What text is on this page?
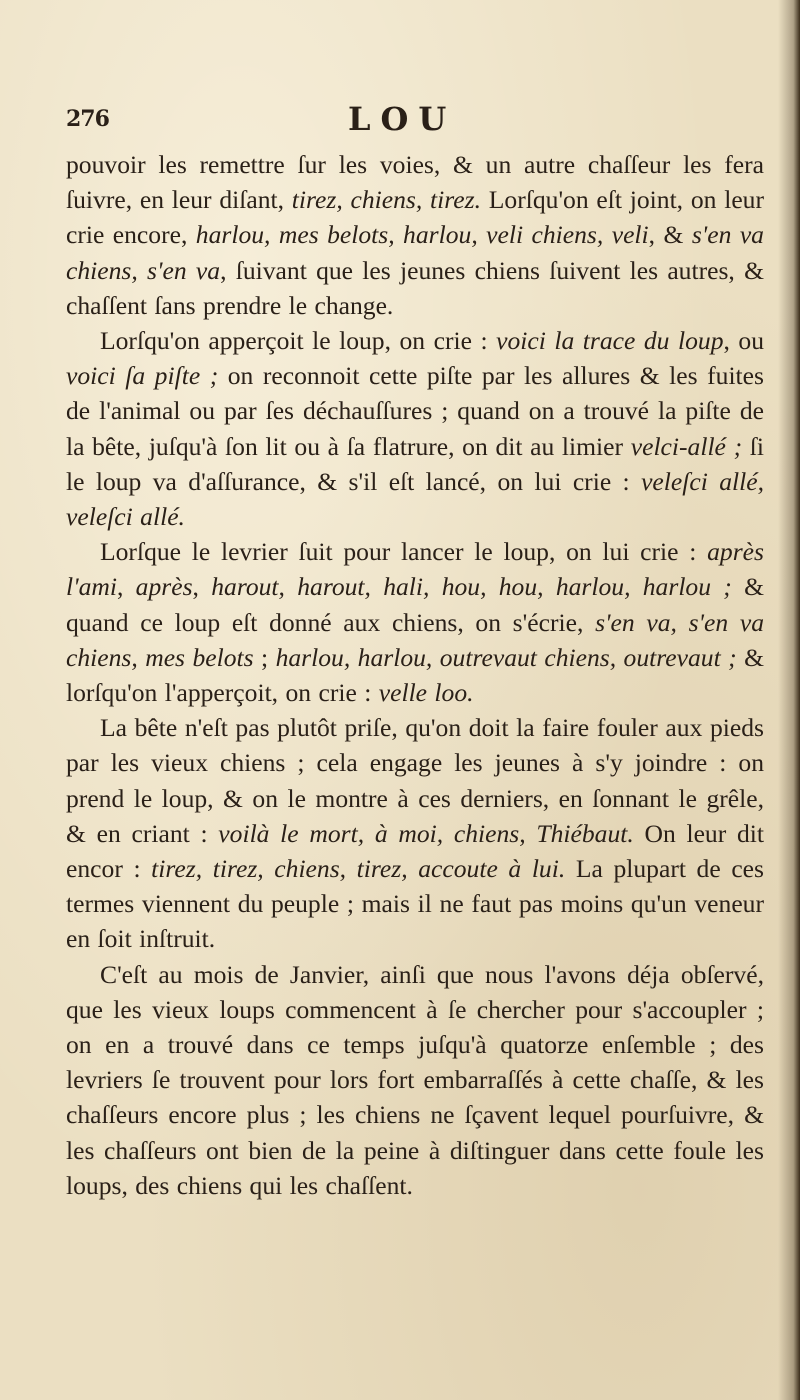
276	LOU

pouvoir les remettre ſur les voies, & un autre chaſſeur les fera ſuivre, en leur diſant, tirez, chiens, tirez. Lorſqu'on eſt joint, on leur crie encore, harlou, mes belots, harlou, veli chiens, veli, & s'en va chiens, s'en va, ſuivant que les jeunes chiens ſuivent les autres, & chaſſent ſans prendre le change.

Lorſqu'on apperçoit le loup, on crie : voici la trace du loup, ou voici ſa piſte ; on reconnoit cette piſte par les allures & les fuites de l'animal ou par ſes déchauſſures ; quand on a trouvé la piſte de la bête, juſqu'à ſon lit ou à ſa flatrure, on dit au limier velci-allé ; ſi le loup va d'aſſurance, & s'il eſt lancé, on lui crie : veleſci allé, veleſci allé.

Lorſque le levrier ſuit pour lancer le loup, on lui crie : après l'ami, après, harout, harout, hali, hou, hou, harlou, harlou ; & quand ce loup eſt donné aux chiens, on s'écrie, s'en va, s'en va chiens, mes belots ; harlou, harlou, outrevaut chiens, outrevaut ; & lorſqu'on l'apperçoit, on crie : velle loo.

La bête n'eſt pas plutôt priſe, qu'on doit la faire fouler aux pieds par les vieux chiens ; cela engage les jeunes à s'y joindre : on prend le loup, & on le montre à ces derniers, en ſonnant le grêle, & en criant : voilà le mort, à moi, chiens, Thiébaut. On leur dit encor : tirez, tirez, chiens, tirez, accoute à lui. La plupart de ces termes viennent du peuple ; mais il ne faut pas moins qu'un veneur en ſoit inſtruit.

C'eſt au mois de Janvier, ainſi que nous l'avons déja obſervé, que les vieux loups commencent à ſe chercher pour s'accoupler ; on en a trouvé dans ce temps juſqu'à quatorze enſemble ; des levriers ſe trouvent pour lors fort embarraſſés à cette chaſſe, & les chaſſeurs encore plus ; les chiens ne ſçavent lequel pourſuivre, & les chaſſeurs ont bien de la peine à diſtinguer dans cette foule les loups, des chiens qui les chaſſent.
